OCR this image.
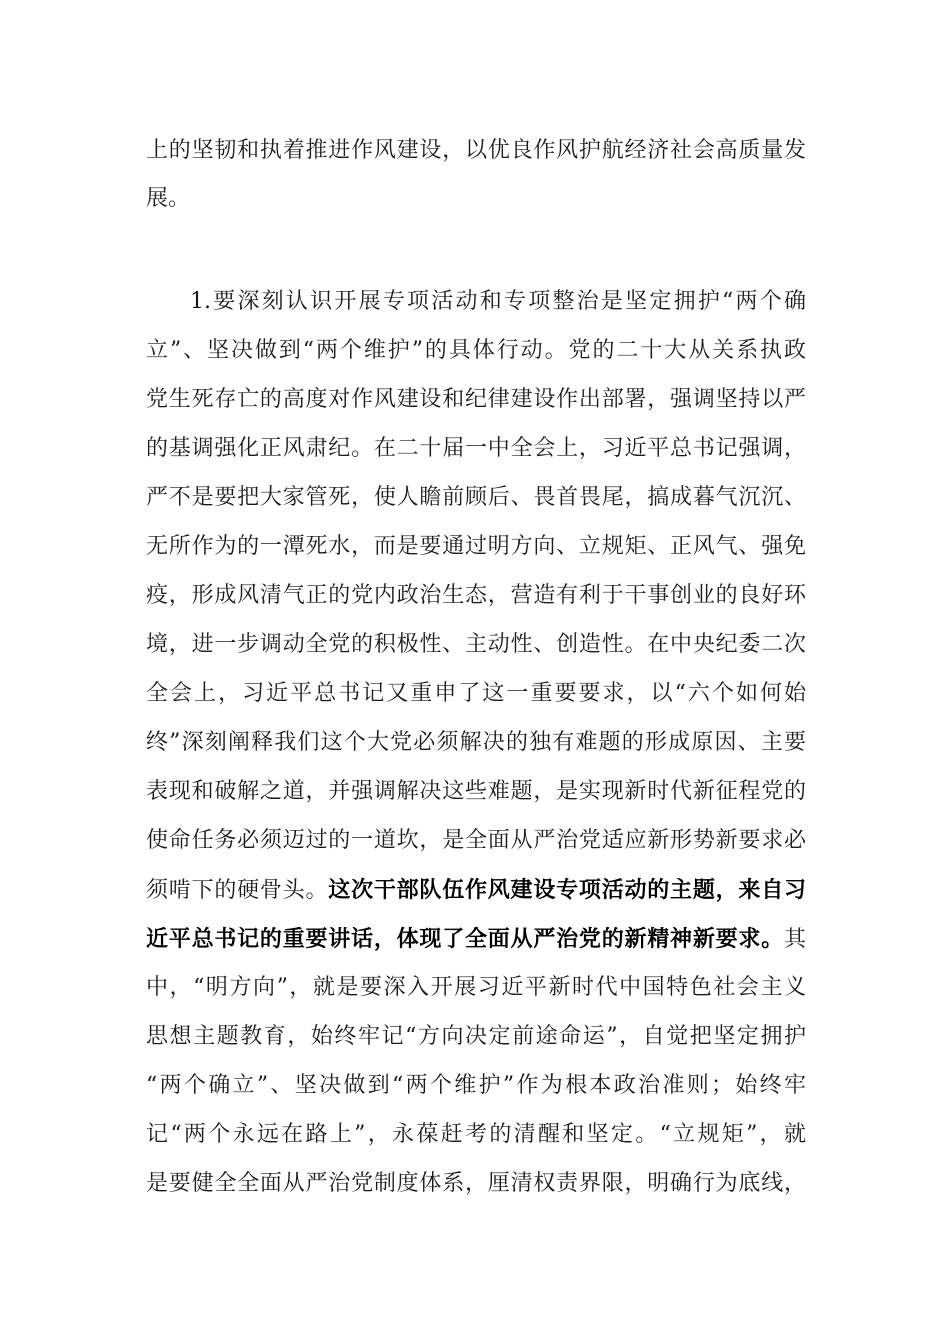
上的坚韧和执着推进作风建设，以优良作风护航经济社会高质量发
展。
1.要深刻认识开展专项活动和专项整治是坚定拥护“两个确
立”、坚决做到“两个维护”的具体行动。党的二十大从关系执政
党生死存亡的高度对作风建设和纪律建设作出部署，强调坚持以严
的基调强化正风肃纪。在二十届一中全会上，习近平总书记强调，
严不是要把大家管死，使人瞻前顾后、畏首畏尾，搞成暮气沉沉、
无所作为的一潭死水，而是要通过明方向、立规矩、正风气、强免
疫，形成风清气正的党内政治生态，营造有利于干事创业的良好环
境，进一步调动全党的积极性、主动性、创造性。在中央纪委二次
全会上，习近平总书记又重申了这一重要要求，以“六个如何始
终”深刻阐释我们这个大党必须解决的独有难题的形成原因、主要
表现和破解之道，并强调解决这些难题，是实现新时代新征程党的
使命任务必须迈过的一道坎，是全面从严治党适应新形势新要求必
须啃下的硬骨头。这次干部队伍作风建设专项活动的主题，来自习
近平总书记的重要讲话，体现了全面从严治党的新精神新要求。其
中，“明方向”，就是要深入开展习近平新时代中国特色社会主义
思想主题教育，始终牢记“方向决定前途命运”，自觉把坚定拥护
“两个确立”、坚决做到“两个维护”作为根本政治准则；始终牢
记“两个永远在路上”，永葆赶考的清醒和坚定。“立规矩”，就
是要健全全面从严治党制度体系，厘清权责界限，明确行为底线，
